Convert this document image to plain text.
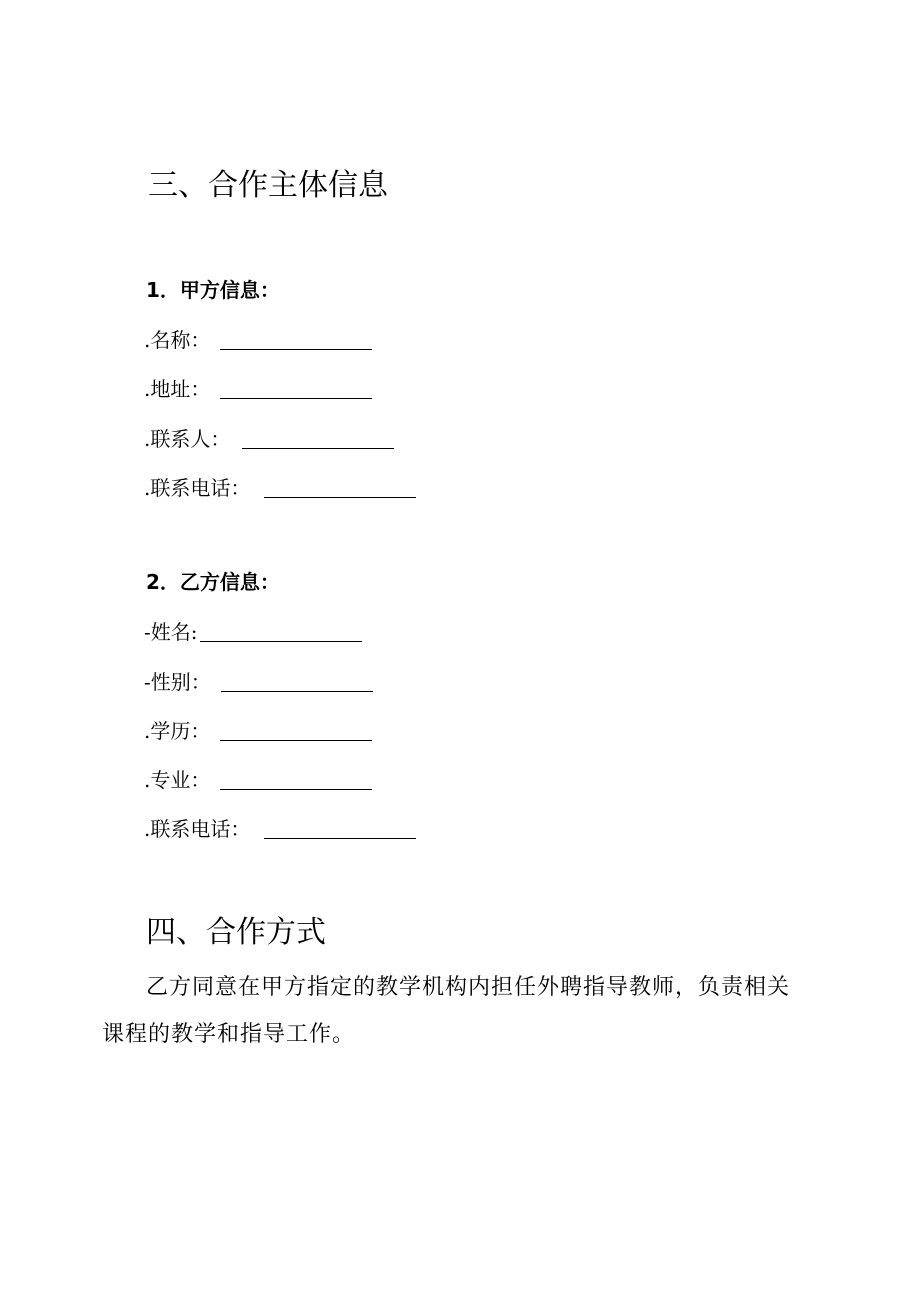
三、合作主体信息
1．甲方信息：
.名称：
.地址：
.联系人：
.联系电话：
2．乙方信息：
-姓名:
-性别：
.学历：
.专业：
.联系电话：
四、合作方式

乙方同意在甲方指定的教学机构内担任外聘指导教师，负责相关课程的教学和指导工作。
